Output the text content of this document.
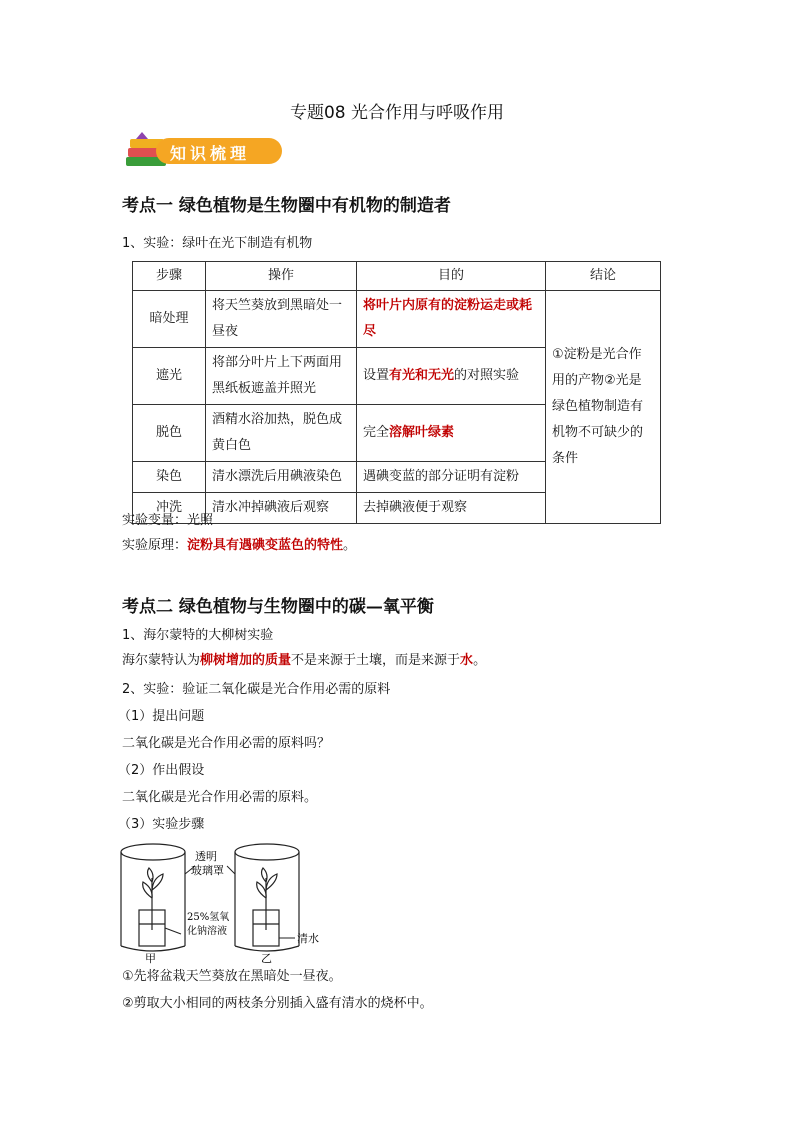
专题08 光合作用与呼吸作用
知识梳理
考点一 绿色植物是生物圈中有机物的制造者
1、实验：绿叶在光下制造有机物
步骤	操作	目的	结论
暗处理	将天竺葵放到黑暗处一昼夜	将叶片内原有的淀粉运走或耗尽	①淀粉是光合作用的产物②光是绿色植物制造有机物不可缺少的条件
遮光	将部分叶片上下两面用黑纸板遮盖并照光	设置有光和无光的对照实验	
脱色	酒精水浴加热，脱色成黄白色	完全溶解叶绿素	
染色	清水漂洗后用碘液染色	遇碘变蓝的部分证明有淀粉	
冲洗	清水冲掉碘液后观察	去掉碘液便于观察	
实验变量：光照
实验原理：淀粉具有遇碘变蓝色的特性。
考点二 绿色植物与生物圈中的碳—氧平衡
1、海尔蒙特的大柳树实验
海尔蒙特认为柳树增加的质量不是来源于土壤，而是来源于水。
2、实验：验证二氧化碳是光合作用必需的原料
（1）提出问题
二氧化碳是光合作用必需的原料吗？
（2）作出假设
二氧化碳是光合作用必需的原料。
（3）实验步骤
透明
玻璃罩
25%氢氧
化钠溶液
清水
甲	乙
①先将盆栽天竺葵放在黑暗处一昼夜。
②剪取大小相同的两枝条分别插入盛有清水的烧杯中。
